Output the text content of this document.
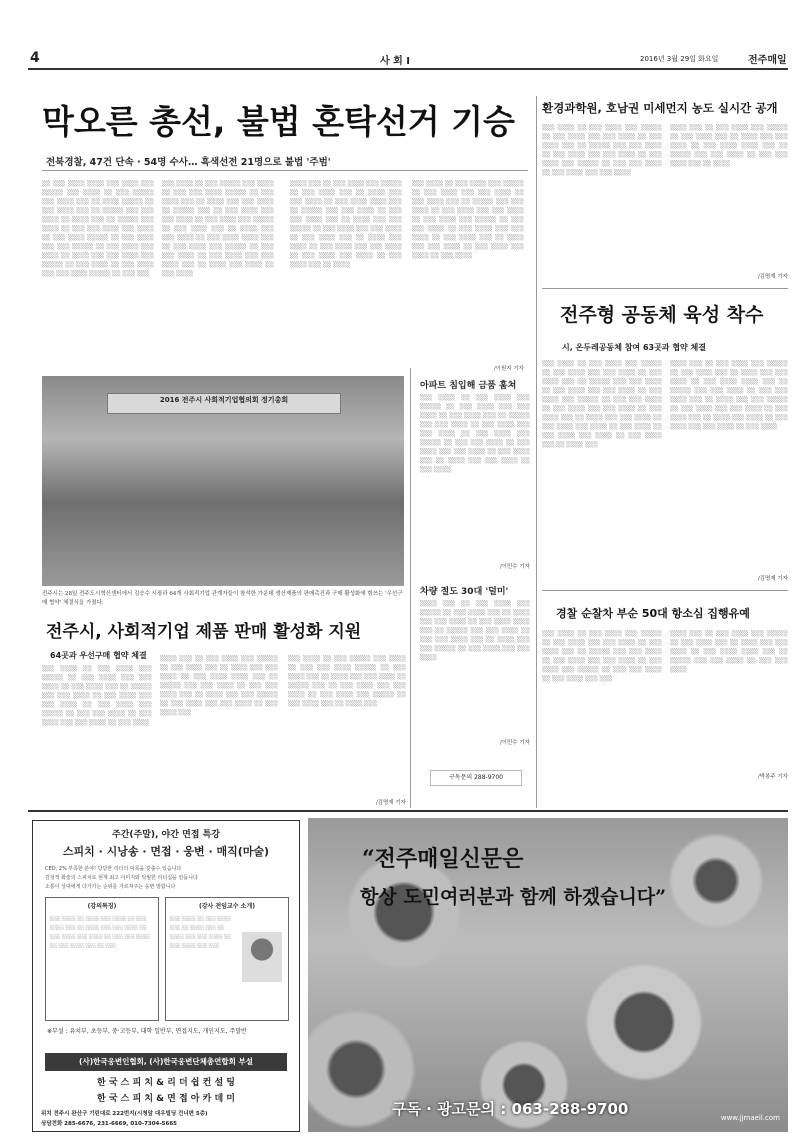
4	사 회 Ⅰ	2016년 3월 29일 화요일	전주매일
막오른 총선, 불법 혼탁선거 기승
전북경찰, 47건 단속 · 54명 수사… 흑색선전 21명으로 불법 '주범'

░░ ░░░ ░░░░ ░░░░ ░░░ ░░░░ ░░░ ░░░░░ ░░░ ░░░░ ░░ ░░░ ░░░░░ ░░░ ░░░░ ░░░ ░░ ░░░░ ░░░░░ ░░ ░░░ ░░░░ ░░░ ░░ ░░░░░ ░░░ ░░░ ░░░░ ░░ ░░░░ ░░░ ░░ ░░░░░ ░░░ ░░░░ ░░ ░░░ ░░░ ░░░░ ░░░ ░░░░ ░░ ░░░ ░░░░ ░░░░░ ░░ ░░░ ░░░░ ░░░ ░░░ ░░░░░ ░░ ░░░ ░░░░ ░░░ ░░░░ ░░ ░░░░ ░░░ ░░░ ░░░░ ░░░ ░░░░░ ░░ ░░░ ░░░░ ░░ ░░░ ░░░░ ░░░ ░░░ ░░░░ ░░░░░ ░░ ░░░ ░░░

░░░ ░░░░ ░░ ░░░ ░░░░░ ░░░ ░░░░ ░░ ░░░ ░░░ ░░░░ ░░░░░ ░░ ░░░ ░░░░ ░░░ ░░ ░░░░ ░░░ ░░░ ░░░░ ░░ ░░░░░ ░░░ ░░ ░░░ ░░░░ ░░░ ░░░ ░░░░ ░░ ░░░ ░░░░ ░░░ ░░░░░ ░░ ░░░ ░░░░ ░░░ ░░ ░░░░ ░░░ ░░░ ░░░░ ░░ ░░░ ░░░░ ░░░░ ░░░ ░░ ░░░ ░░░░ ░░░ ░░░░░ ░░ ░░░ ░░░ ░░░░ ░░ ░░░ ░░░░ ░░░ ░░░ ░░░░ ░░░ ░░ ░░░░ ░░░ ░░░░ ░░ ░░░ ░░░░

░░░░ ░░░ ░░ ░░░ ░░░░ ░░░ ░░░░░ ░░ ░░░ ░░░░ ░░░ ░░ ░░░░ ░░░ ░░░ ░░░░ ░░ ░░░ ░░░░ ░░░░ ░░░ ░░ ░░░░░ ░░░ ░░░ ░░░░ ░░ ░░░ ░░░ ░░░░ ░░░ ░░ ░░░░ ░░░ ░░░ ░░░░░ ░░ ░░░ ░░░░ ░░░ ░░░ ░░░░ ░░ ░░░ ░░░░ ░░░ ░░ ░░░░ ░░░ ░░░░ ░░ ░░░ ░░░░ ░░░ ░░░ ░░░░ ░░ ░░░ ░░░░ ░░░ ░░░░ ░░ ░░░ ░░░░ ░░░ ░░ ░░░░

░░░ ░░░░ ░░ ░░░ ░░░░ ░░░ ░░░░░ ░░ ░░░ ░░░░ ░░░ ░░░ ░░░░ ░░ ░░░ ░░░░ ░░░ ░░ ░░░░░ ░░░ ░░░ ░░░░ ░░ ░░░ ░░░░ ░░░ ░░░ ░░░░ ░░ ░░░ ░░░░ ░░░ ░░░░░ ░░ ░░░ ░░░ ░░░░ ░░ ░░░ ░░░░ ░░░ ░░░ ░░░░ ░░ ░░░ ░░░░ ░░░ ░░ ░░░░ ░░░ ░░░ ░░░░ ░░ ░░░ ░░░░ ░░░ ░░░░ ░░ ░░░ ░░░░

/이원지 기자
2016 전주시 사회적기업협의회 정기총회
전주시는 28일 전주도시혁신센터에서 김승수 시장과 64개 사회적기업 관계자들이 참석한 가운데 생산제품의 판매촉진과 구매 활성화에 힘쓰는 '우선구매 협약' 체결식을 가졌다.
전주시, 사회적기업 제품 판매 활성화 지원
64곳과 우선구매 협약 체결

░░░ ░░░░ ░░ ░░░ ░░░░ ░░░ ░░░░░ ░░ ░░░ ░░░░ ░░░ ░░░ ░░░░ ░░ ░░░ ░░░░ ░░░ ░░ ░░░░░ ░░░ ░░░ ░░░░ ░░ ░░░ ░░░░ ░░░ ░░░ ░░░░ ░░ ░░░ ░░░░ ░░░ ░░░░░ ░░ ░░░ ░░░ ░░░░ ░░ ░░░ ░░░░ ░░░ ░░░ ░░░░ ░░ ░░░ ░░░░

░░░░ ░░░ ░░ ░░░ ░░░░ ░░░ ░░░░░ ░░ ░░░ ░░░░ ░░░ ░░ ░░░░ ░░░ ░░░ ░░░░ ░░ ░░░ ░░░░ ░░░░ ░░░ ░░ ░░░░░ ░░░ ░░░ ░░░░ ░░ ░░░ ░░░ ░░░░ ░░░ ░░ ░░░░ ░░░ ░░░ ░░░░░ ░░ ░░░ ░░░░ ░░░ ░░░ ░░░░ ░░ ░░░ ░░░░ ░░░

░░░ ░░░░ ░░ ░░░ ░░░░░ ░░░ ░░░░ ░░ ░░░ ░░░ ░░░░ ░░░░░ ░░ ░░░ ░░░░ ░░░ ░░ ░░░░ ░░░ ░░░ ░░░░ ░░ ░░░░░ ░░░ ░░ ░░░ ░░░░ ░░░ ░░░ ░░░░ ░░ ░░░ ░░░░ ░░░ ░░░░░ ░░ ░░░ ░░░░ ░░░ ░░ ░░░░ ░░░

/김명재 기자
아파트 침입해 금품 훔쳐

░░░ ░░░░ ░░ ░░░ ░░░░ ░░░ ░░░░░ ░░ ░░░ ░░░░ ░░░ ░░░ ░░░░ ░░ ░░░ ░░░░ ░░░ ░░ ░░░░░ ░░░ ░░░ ░░░░ ░░ ░░░ ░░░░ ░░░ ░░░ ░░░░ ░░ ░░░ ░░░░ ░░░ ░░░░░ ░░ ░░░ ░░░ ░░░░ ░░ ░░░ ░░░░ ░░░ ░░░ ░░░░ ░░ ░░░ ░░░░ ░░░ ░░ ░░░░ ░░░ ░░░ ░░░░ ░░ ░░░ ░░░░

/이민수 기자
차량 절도 30대 '덜미'

░░░░ ░░░ ░░ ░░░ ░░░░ ░░░ ░░░░░ ░░ ░░░ ░░░░ ░░░ ░░ ░░░░ ░░░ ░░░ ░░░░ ░░ ░░░ ░░░░ ░░░░ ░░░ ░░ ░░░░░ ░░░ ░░░ ░░░░ ░░ ░░░ ░░░ ░░░░ ░░░ ░░ ░░░░ ░░░ ░░░ ░░░░░ ░░ ░░░ ░░░░ ░░░ ░░░ ░░░░

/이민수 기자
구독문의 288-9700
환경과학원, 호남권 미세먼지 농도 실시간 공개

░░░ ░░░░ ░░ ░░░ ░░░░ ░░░ ░░░░░ ░░ ░░░ ░░░░ ░░░ ░░░ ░░░░ ░░ ░░░ ░░░░ ░░░ ░░ ░░░░░ ░░░ ░░░ ░░░░ ░░ ░░░ ░░░░ ░░░ ░░░ ░░░░ ░░ ░░░ ░░░░ ░░░ ░░░░░ ░░ ░░░ ░░░ ░░░░ ░░ ░░░ ░░░░ ░░░ ░░░ ░░░░

░░░░ ░░░ ░░ ░░░ ░░░░ ░░░ ░░░░░ ░░ ░░░ ░░░░ ░░░ ░░ ░░░░ ░░░ ░░░ ░░░░ ░░ ░░░ ░░░░ ░░░░ ░░░ ░░ ░░░░░ ░░░ ░░░ ░░░░ ░░ ░░░ ░░░ ░░░░ ░░░ ░░ ░░░░

/김명재 기자
전주형 공동체 육성 착수
시, 온두레공동체 참여 63곳과 협약 체결

░░░ ░░░░ ░░ ░░░ ░░░░ ░░░ ░░░░░ ░░ ░░░ ░░░░ ░░░ ░░░ ░░░░ ░░ ░░░ ░░░░ ░░░ ░░ ░░░░░ ░░░ ░░░ ░░░░ ░░ ░░░ ░░░░ ░░░ ░░░ ░░░░ ░░ ░░░ ░░░░ ░░░ ░░░░░ ░░ ░░░ ░░░ ░░░░ ░░ ░░░ ░░░░ ░░░ ░░░ ░░░░ ░░ ░░░ ░░░░ ░░░ ░░ ░░░░ ░░░ ░░░ ░░░░ ░░ ░░░ ░░░░ ░░░ ░░░░ ░░ ░░░ ░░░░ ░░ ░░░ ░░░░ ░░░ ░░░░ ░░ ░░░ ░░░░ ░░░ ░░ ░░░░ ░░░

░░░░ ░░░ ░░ ░░░ ░░░░ ░░░ ░░░░░ ░░ ░░░ ░░░░ ░░░ ░░ ░░░░ ░░░ ░░░ ░░░░ ░░ ░░░ ░░░░ ░░░░ ░░░ ░░ ░░░░░ ░░░ ░░░ ░░░░ ░░ ░░░ ░░░ ░░░░ ░░░ ░░ ░░░░ ░░░ ░░░ ░░░░░ ░░ ░░░ ░░░░ ░░░ ░░░ ░░░░ ░░ ░░░ ░░░░ ░░░ ░░ ░░░░ ░░░ ░░░░ ░░ ░░░ ░░░░ ░░░ ░░░ ░░░░ ░░ ░░░ ░░░░

/김명재 기자
경찰 순찰차 부순 50대 항소심 집행유예

░░░ ░░░░ ░░ ░░░ ░░░░ ░░░ ░░░░░ ░░ ░░░ ░░░░ ░░░ ░░░ ░░░░ ░░ ░░░ ░░░░ ░░░ ░░ ░░░░░ ░░░ ░░░ ░░░░ ░░ ░░░ ░░░░ ░░░ ░░░ ░░░░ ░░ ░░░ ░░░░ ░░░ ░░░░░ ░░ ░░░ ░░░ ░░░░ ░░ ░░░ ░░░░ ░░░ ░░░

░░░░ ░░░ ░░ ░░░ ░░░░ ░░░ ░░░░░ ░░ ░░░ ░░░░ ░░░ ░░ ░░░░ ░░░ ░░░ ░░░░ ░░ ░░░ ░░░░ ░░░░ ░░░ ░░ ░░░░░ ░░░ ░░░ ░░░░ ░░ ░░░ ░░░ ░░░░

/박봉주 기자
주간(주말), 야간 면접 특강
스피치 · 시낭송 · 면접 · 웅변 · 매직(마술)
CEO, 2% 부족한 분야! 당당한 리더의 덕목을 갖출수 있습니다
감성적 화술의 스피치로 현재 최고 이미지와 탁월한 리더십을 만듭니다
소통이 상대에게 다가가는 순위를 가르쳐주는 웅변 말합니다
(강의특징)
░░░ ░░░░ ░░ ░░░░ ░░░ ░░░░ ░░ ░░░ ░░░░ ░░░ ░░ ░░░░ ░░░ ░░░ ░░░░ ░░ ░░░ ░░░░ ░░░ ░░░░ ░░ ░░░ ░░░ ░░░░ ░░ ░░░ ░░░░ ░░░ ░░ ░░░
(강사 전임교수 소개)
░░░ ░░░░ ░░ ░░░ ░░░░ ░░░ ░░ ░░░░ ░░░ ░░ ░░░░ ░░░ ░░░ ░░░░ ░░ ░░░ ░░░░ ░░░ ░░░
※부설 : 유치부, 초등부, 중·고등부, 대학 일반부, 면접지도, 개인지도, 주말반
(사)한국웅변인협회, (사)한국웅변단체총연합회 부설
한 국 스 피 치 & 리 더 쉽 컨 설 팅
한 국 스 피 치 & 면 접 아 카 데 미
위치 전주시 완산구 기린대로 222번지(시청앞 대우빌딩 건너편 5층)
상담전화 285-6676, 231-6669, 010-7304-5665
“전주매일신문은
항상 도민여러분과 함께 하겠습니다”
구독 · 광고문의 : 063-288-9700	www.jjmaeil.com
